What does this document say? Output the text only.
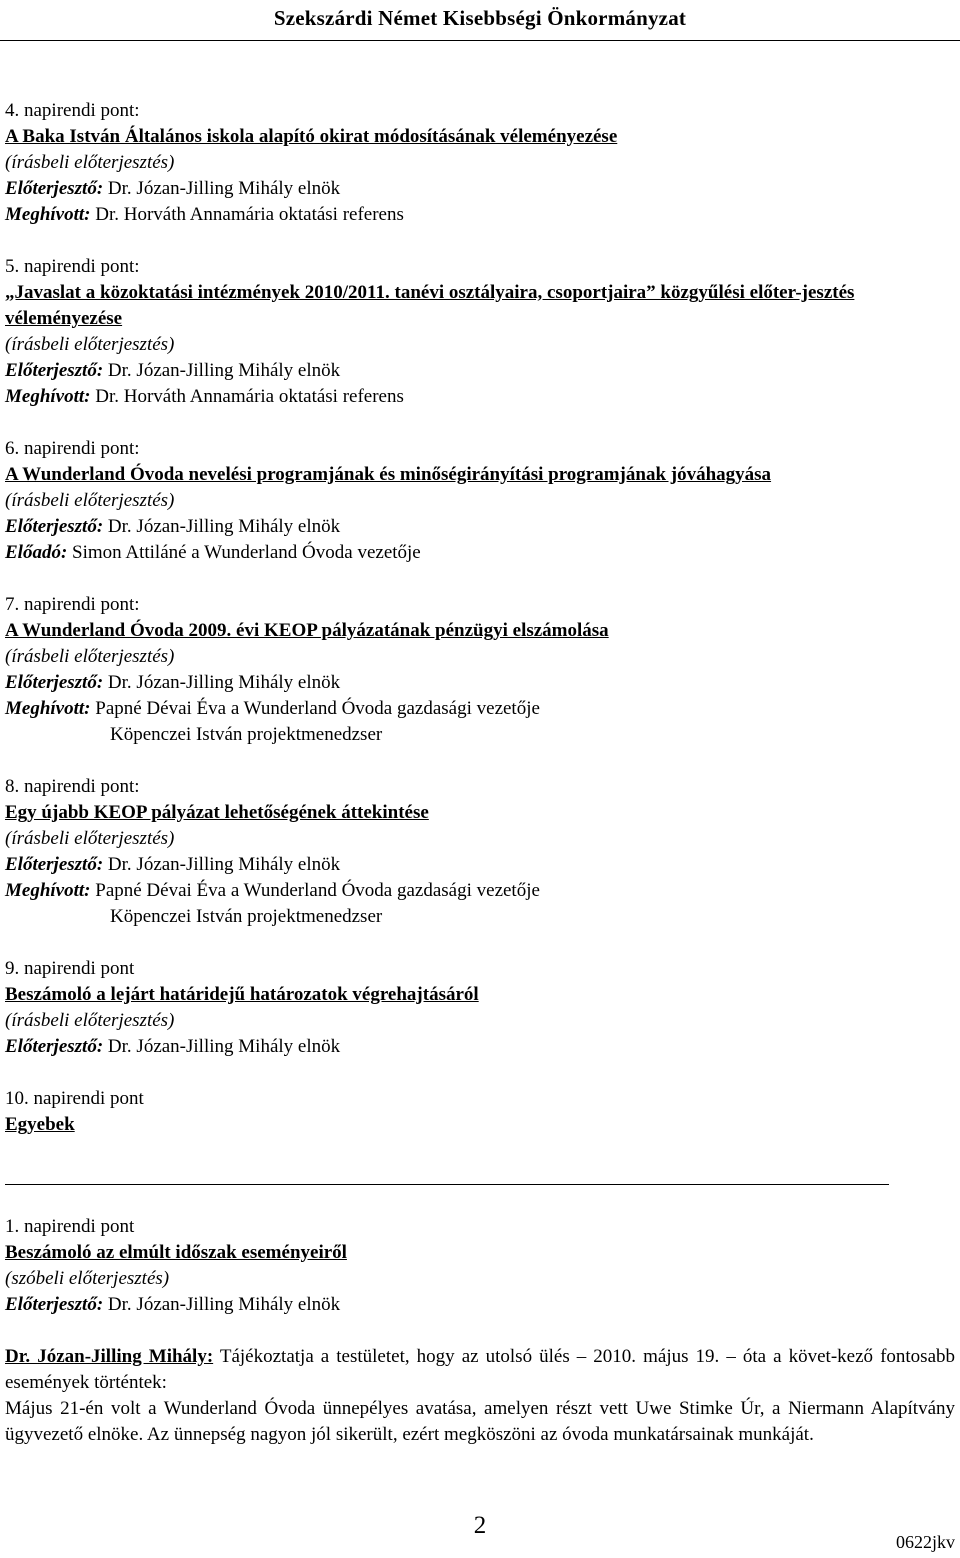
Szekszárdi Német Kisebbségi Önkormányzat
4. napirendi pont:
A Baka István Általános iskola alapító okirat módosításának véleményezése
(írásbeli előterjesztés)
Előterjesztő: Dr. Józan-Jilling Mihály elnök
Meghívott: Dr. Horváth Annamária oktatási referens
5. napirendi pont:
„Javaslat a közoktatási intézmények 2010/2011. tanévi osztályaira, csoportjaira” közgyűlési előter-jesztés véleményezése
(írásbeli előterjesztés)
Előterjesztő: Dr. Józan-Jilling Mihály elnök
Meghívott: Dr. Horváth Annamária oktatási referens
6. napirendi pont:
A Wunderland Óvoda nevelési programjának és minőségirányítási programjának jóváhagyása
(írásbeli előterjesztés)
Előterjesztő: Dr. Józan-Jilling Mihály elnök
Előadó: Simon Attiláné a Wunderland Óvoda vezetője
7. napirendi pont:
A Wunderland Óvoda 2009. évi KEOP pályázatának pénzügyi elszámolása
(írásbeli előterjesztés)
Előterjesztő: Dr. Józan-Jilling Mihály elnök
Meghívott: Papné Dévai Éva a Wunderland Óvoda gazdasági vezetője
Köpenczei István projektmenedzser
8. napirendi pont:
Egy újabb KEOP pályázat lehetőségének áttekintése
(írásbeli előterjesztés)
Előterjesztő: Dr. Józan-Jilling Mihály elnök
Meghívott: Papné Dévai Éva a Wunderland Óvoda gazdasági vezetője
Köpenczei István projektmenedzser
9. napirendi pont
Beszámoló a lejárt határidejű határozatok végrehajtásáról
(írásbeli előterjesztés)
Előterjesztő: Dr. Józan-Jilling Mihály elnök
10. napirendi pont
Egyebek
1. napirendi pont
Beszámoló az elmúlt időszak eseményeiről
(szóbeli előterjesztés)
Előterjesztő: Dr. Józan-Jilling Mihály elnök
Dr. Józan-Jilling Mihály: Tájékoztatja a testületet, hogy az utolsó ülés – 2010. május 19. – óta a követ-kező fontosabb események történtek:
Május 21-én volt a Wunderland Óvoda ünnepélyes avatása, amelyen részt vett Uwe Stimke Úr, a Niermann Alapítvány ügyvezető elnöke. Az ünnepség nagyon jól sikerült, ezért megköszöni az óvoda munkatársainak munkáját.
2
0622jkv
